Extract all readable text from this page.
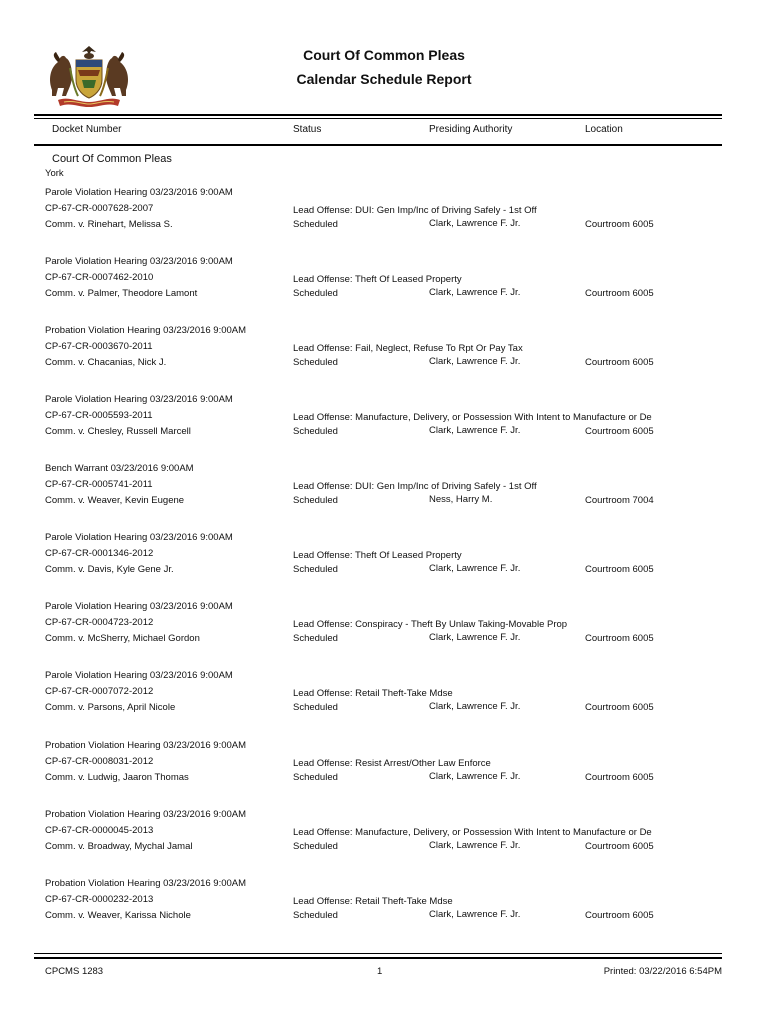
Court Of Common Pleas
Calendar Schedule Report
Docket Number	Status	Presiding Authority	Location
Court Of Common Pleas
York
Parole Violation Hearing 03/23/2016 9:00AM
CP-67-CR-0007628-2007
Comm. v. Rinehart, Melissa S.
Lead Offense: DUI: Gen Imp/Inc of Driving Safely - 1st Off
Scheduled	Clark, Lawrence F. Jr.	Courtroom 6005
Parole Violation Hearing 03/23/2016 9:00AM
CP-67-CR-0007462-2010
Comm. v. Palmer, Theodore Lamont
Lead Offense: Theft Of Leased Property
Scheduled	Clark, Lawrence F. Jr.	Courtroom 6005
Probation Violation Hearing 03/23/2016 9:00AM
CP-67-CR-0003670-2011
Comm. v. Chacanias, Nick J.
Lead Offense: Fail, Neglect, Refuse To Rpt Or Pay Tax
Scheduled	Clark, Lawrence F. Jr.	Courtroom 6005
Parole Violation Hearing 03/23/2016 9:00AM
CP-67-CR-0005593-2011
Comm. v. Chesley, Russell Marcell
Lead Offense: Manufacture, Delivery, or Possession With Intent to Manufacture or De
Scheduled	Clark, Lawrence F. Jr.	Courtroom 6005
Bench Warrant 03/23/2016 9:00AM
CP-67-CR-0005741-2011
Comm. v. Weaver, Kevin Eugene
Lead Offense: DUI: Gen Imp/Inc of Driving Safely - 1st Off
Scheduled	Ness, Harry M.	Courtroom 7004
Parole Violation Hearing 03/23/2016 9:00AM
CP-67-CR-0001346-2012
Comm. v. Davis, Kyle Gene Jr.
Lead Offense: Theft Of Leased Property
Scheduled	Clark, Lawrence F. Jr.	Courtroom 6005
Parole Violation Hearing 03/23/2016 9:00AM
CP-67-CR-0004723-2012
Comm. v. McSherry, Michael Gordon
Lead Offense: Conspiracy - Theft By Unlaw Taking-Movable Prop
Scheduled	Clark, Lawrence F. Jr.	Courtroom 6005
Parole Violation Hearing 03/23/2016 9:00AM
CP-67-CR-0007072-2012
Comm. v. Parsons, April Nicole
Lead Offense: Retail Theft-Take Mdse
Scheduled	Clark, Lawrence F. Jr.	Courtroom 6005
Probation Violation Hearing 03/23/2016 9:00AM
CP-67-CR-0008031-2012
Comm. v. Ludwig, Jaaron Thomas
Lead Offense: Resist Arrest/Other Law Enforce
Scheduled	Clark, Lawrence F. Jr.	Courtroom 6005
Probation Violation Hearing 03/23/2016 9:00AM
CP-67-CR-0000045-2013
Comm. v. Broadway, Mychal Jamal
Lead Offense: Manufacture, Delivery, or Possession With Intent to Manufacture or De
Scheduled	Clark, Lawrence F. Jr.	Courtroom 6005
Probation Violation Hearing 03/23/2016 9:00AM
CP-67-CR-0000232-2013
Comm. v. Weaver, Karissa Nichole
Lead Offense: Retail Theft-Take Mdse
Scheduled	Clark, Lawrence F. Jr.	Courtroom 6005
CPCMS 1283	1	Printed: 03/22/2016 6:54PM
